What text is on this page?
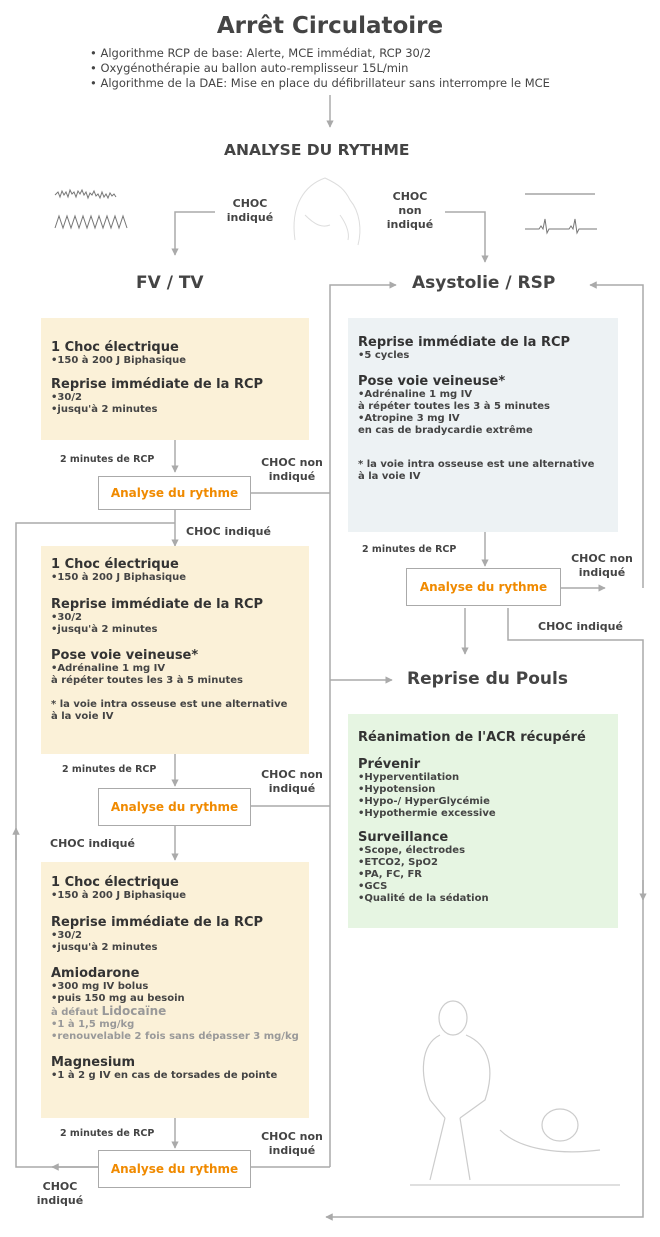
Arrêt Circulatoire
• Algorithme RCP de base: Alerte, MCE immédiat, RCP 30/2
• Oxygénothérapie au ballon auto-remplisseur 15L/min
• Algorithme de la DAE: Mise en place du défibrillateur sans interrompre le MCE
ANALYSE DU RYTHME
CHOC
indiqué
CHOC
non
indiqué
FV / TV	Asystolie / RSP
1 Choc électrique
• 150 à 200 J Biphasique
Reprise immédiate de la RCP
• 30/2
• jusqu'à 2 minutes
2 minutes de RCP
Analyse du rythme
CHOC non
indiqué
CHOC indiqué
1 Choc électrique
• 150 à 200 J Biphasique
Reprise immédiate de la RCP
• 30/2
• jusqu'à 2 minutes
Pose voie veineuse*
• Adrénaline 1 mg IV
à répéter toutes les 3 à 5 minutes
* la voie intra osseuse est une alternative
à la voie IV
2 minutes de RCP
Analyse du rythme
CHOC non
indiqué
CHOC indiqué
1 Choc électrique
• 150 à 200 J Biphasique
Reprise immédiate de la RCP
• 30/2
• jusqu'à 2 minutes
Amiodarone
• 300 mg IV bolus
• puis 150 mg au besoin
à défaut Lidocaïne
• 1 à 1,5 mg/kg
• renouvelable 2 fois sans dépasser 3 mg/kg
Magnesium
• 1 à 2 g IV en cas de torsades de pointe
2 minutes de RCP
Analyse du rythme
CHOC non
indiqué
CHOC
indiqué
Reprise immédiate de la RCP
• 5 cycles
Pose voie veineuse*
• Adrénaline 1 mg IV
à répéter toutes les 3 à 5 minutes
• Atropine 3 mg IV
en cas de bradycardie extrême
* la voie intra osseuse est une alternative
à la voie IV
2 minutes de RCP
Analyse du rythme
CHOC non
indiqué
CHOC indiqué
Reprise du Pouls
Réanimation de l'ACR récupéré
Prévenir
• Hyperventilation
• Hypotension
• Hypo-/ HyperGlycémie
• Hypothermie excessive
Surveillance
• Scope, électrodes
• ETCO2, SpO2
• PA, FC, FR
• GCS
• Qualité de la sédation
